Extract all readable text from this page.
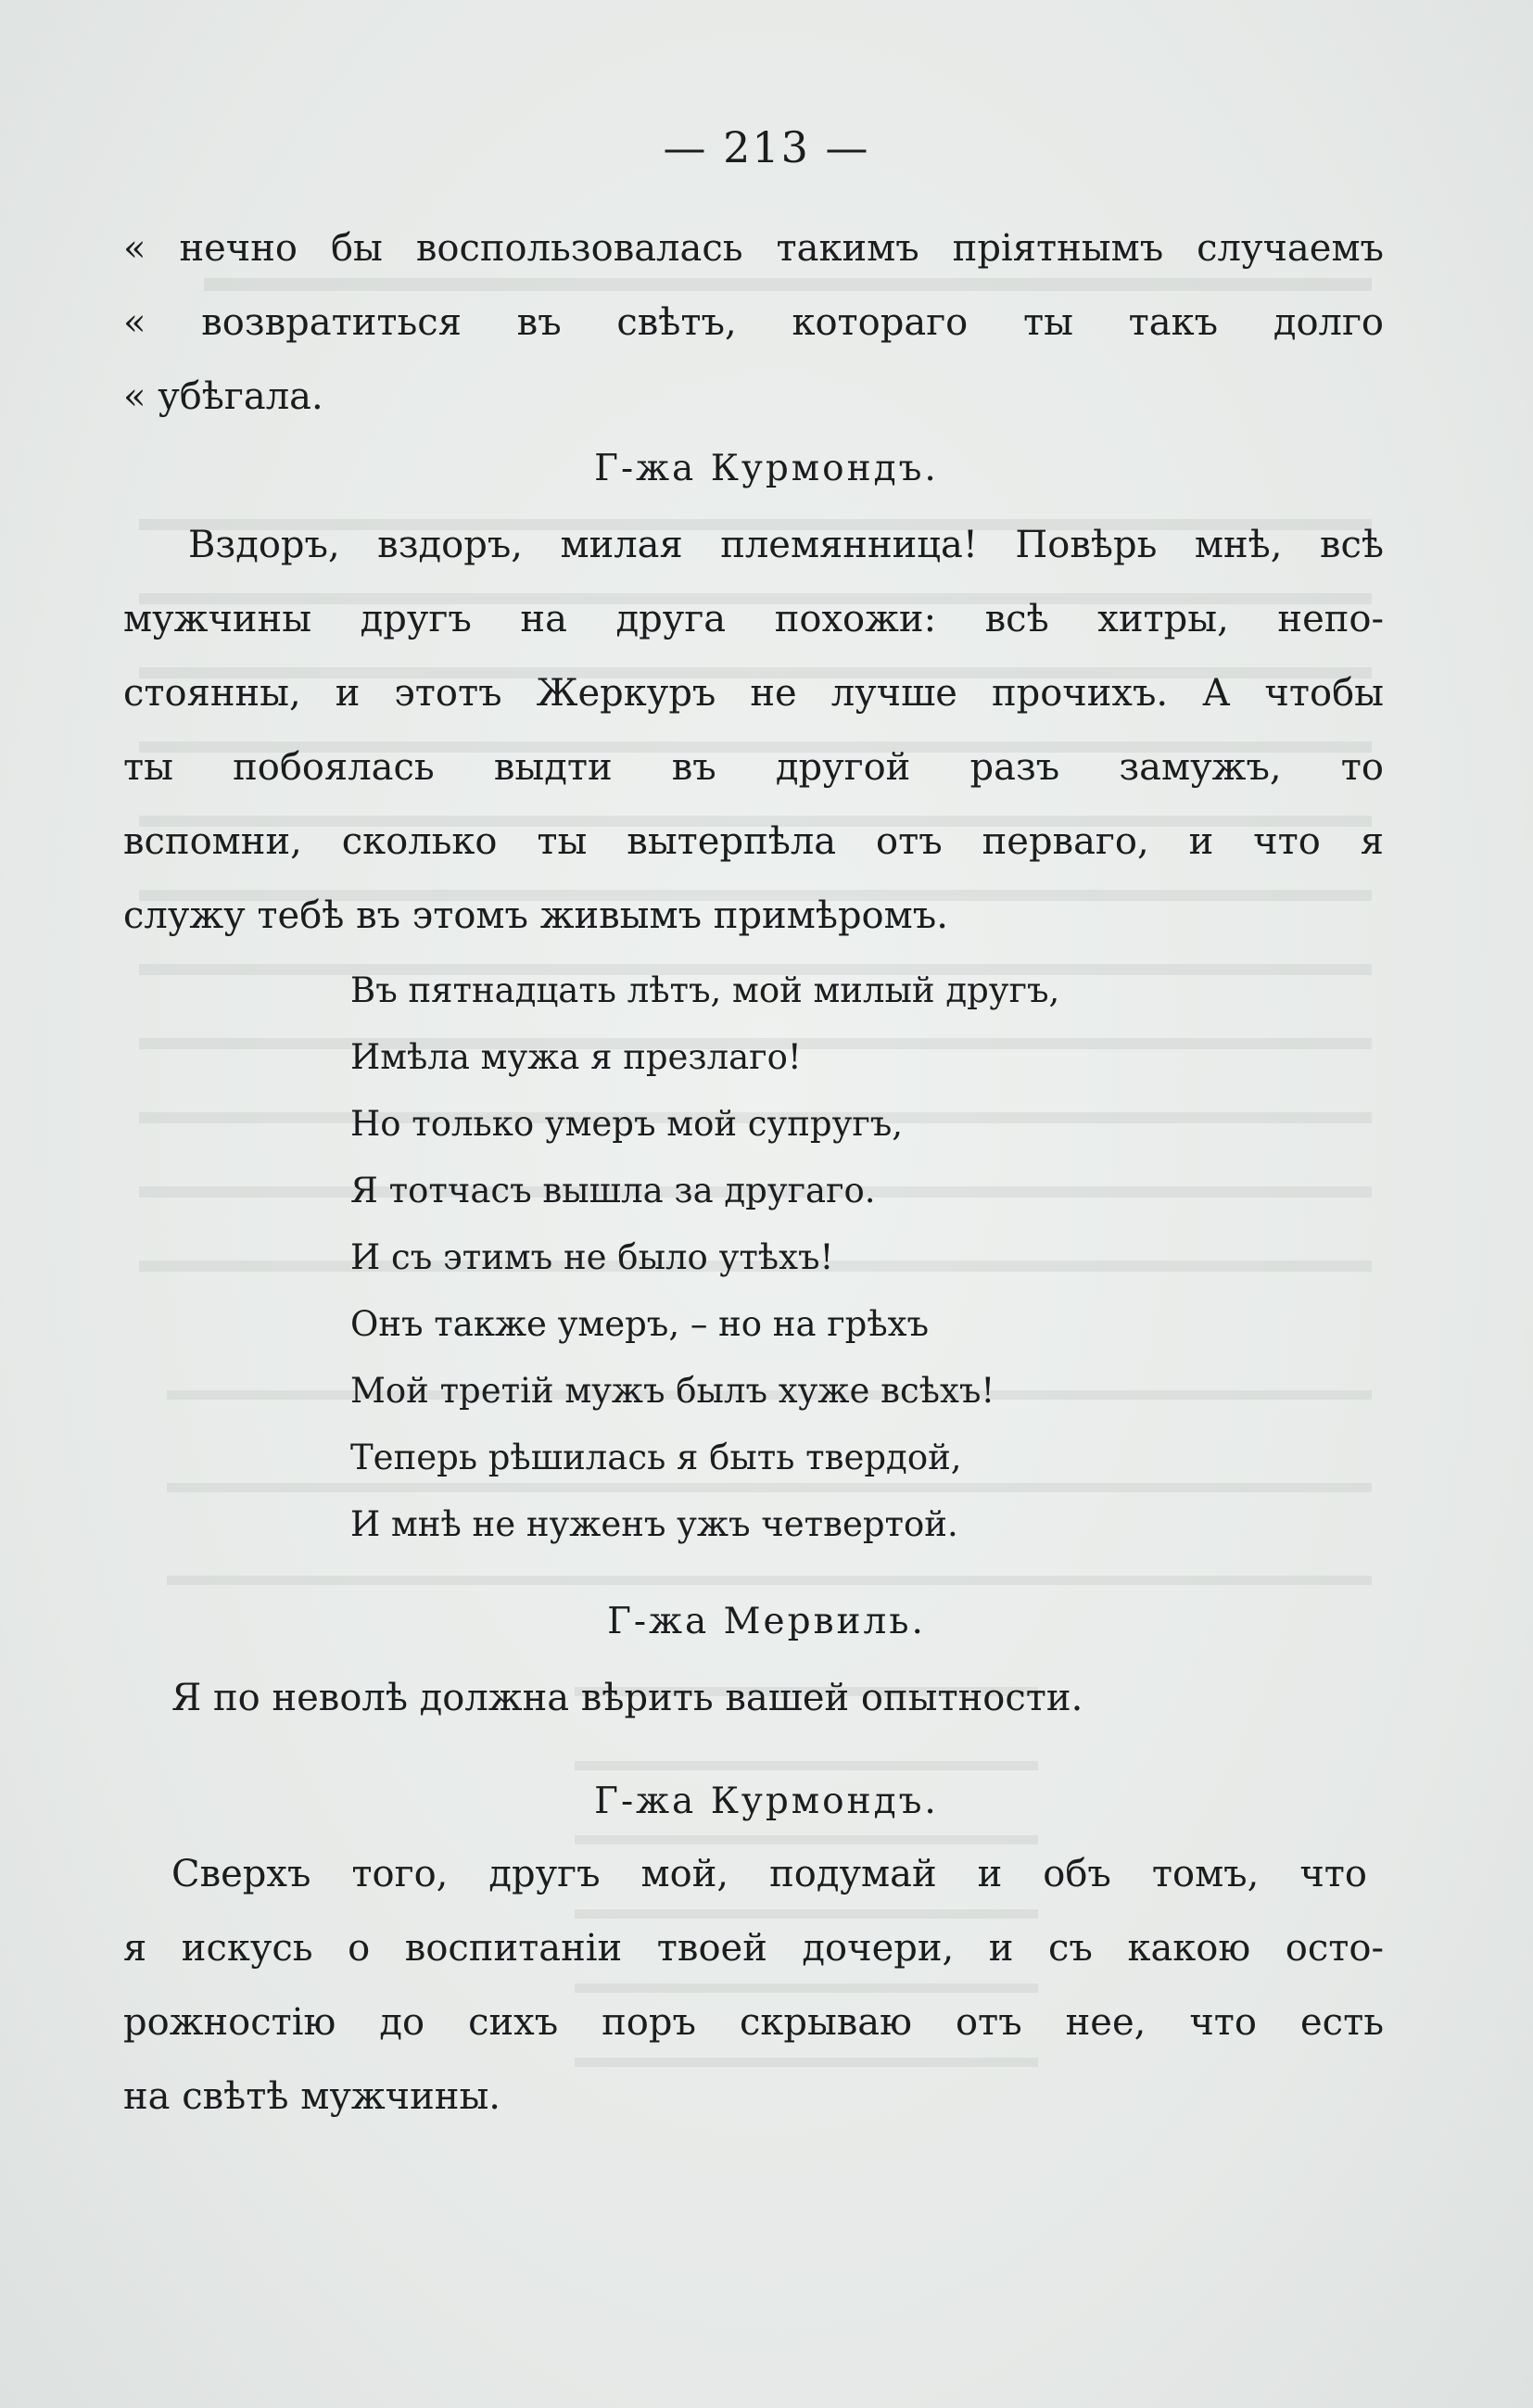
— 213 —
« нечно бы воспользовалась такимъ пріятнымъ случаемъ
« возвратиться въ свѣтъ, котораго ты такъ долго
« убѣгала.
Г-жа Курмондъ.
Вздоръ, вздоръ, милая племянница! Повѣрь мнѣ, всѣ
мужчины другъ на друга похожи: всѣ хитры, непо-
стоянны, и этотъ Жеркуръ не лучше прочихъ. А чтобы
ты побоялась выдти въ другой разъ замужъ, то
вспомни, сколько ты вытерпѣла отъ перваго, и что я
служу тебѣ въ этомъ живымъ примѣромъ.
Въ пятнадцать лѣтъ, мой милый другъ,
Имѣла мужа я презлаго!
Но только умеръ мой супругъ,
Я тотчасъ вышла за другаго.
И съ этимъ не было утѣхъ!
Онъ также умеръ, – но на грѣхъ
Мой третій мужъ былъ хуже всѣхъ!
Теперь рѣшилась я быть твердой,
И мнѣ не нуженъ ужъ четвертой.
Г-жа Мервиль.
Я по неволѣ должна вѣрить вашей опытности.
Г-жа Курмондъ.
Сверхъ того, другъ мой, подумай и объ томъ, что
я искусь о воспитаніи твоей дочери, и съ какою осто-
рожностію до сихъ поръ скрываю отъ нее, что есть
на свѣтѣ мужчины.
